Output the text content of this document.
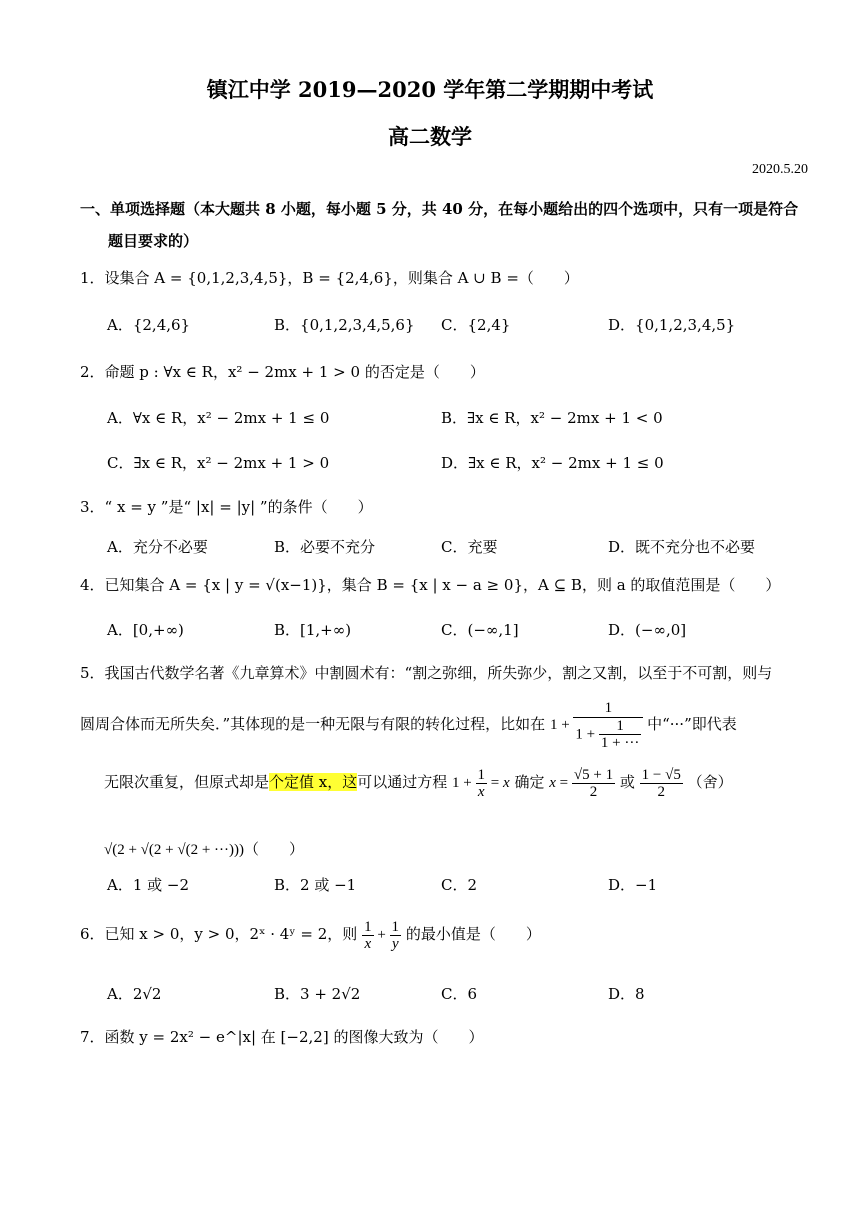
镇江中学 2019—2020 学年第二学期期中考试
高二数学
2020.5.20
一、单项选择题（本大题共 8 小题，每小题 5 分，共 40 分，在每小题给出的四个选项中，只有一项是符合
题目要求的）
1．设集合 A = {0,1,2,3,4,5}，B = {2,4,6}，则集合 A ∪ B =（　　）
A．{2,4,6}	B．{0,1,2,3,4,5,6} C．{2,4}	D．{0,1,2,3,4,5}
2．命题 p : ∀x ∈ R，x² − 2mx + 1 > 0 的否定是（　　）
A．∀x ∈ R，x² − 2mx + 1 ≤ 0	B．∃x ∈ R，x² − 2mx + 1 < 0
C．∃x ∈ R，x² − 2mx + 1 > 0	D．∃x ∈ R，x² − 2mx + 1 ≤ 0
3．“ x = y ”是“ |x| = |y| ”的条件（　　）
A．充分不必要	B．必要不充分	C．充要	D．既不充分也不必要
4．已知集合 A = {x | y = √(x−1)}，集合 B = {x | x − a ≥ 0}，A ⊆ B，则 a 的取值范围是（　　）
A．[0,+∞)	B．[1,+∞)	C．(−∞,1]	D．(−∞,0]
5．我国古代数学名著《九章算术》中割圆术有：“割之弥细，所失弥少，割之又割，以至于不可割，则与
圆周合体而无所失矣．”其体现的是一种无限与有限的转化过程，比如在 $1 + \frac{1}{1 + \frac{1}{1 + \cdot\cdot\cdot}}$ 中“···”即代表
无限次重复，但原式却是个定值 x，这可以通过方程 $1 + \frac{1}{x} = x$ 确定 $x = \frac{√5 + 1}{2}$ 或 $\frac{1 - √5}{2}$ （舍）
√(2 + √(2 + √(2 + ···)))（　　）
A．1 或 −2	B．2 或 −1	C．2	D．−1
6．已知 x > 0，y > 0，2ˣ · 4ʸ = 2，则 $\frac{1}{x} + \frac{1}{y}$ 的最小值是（　　）
A．2√2	B．3 + 2√2	C．6	D．8
7．函数 y = 2x² − e^|x| 在 [−2,2] 的图像大致为（　　）
